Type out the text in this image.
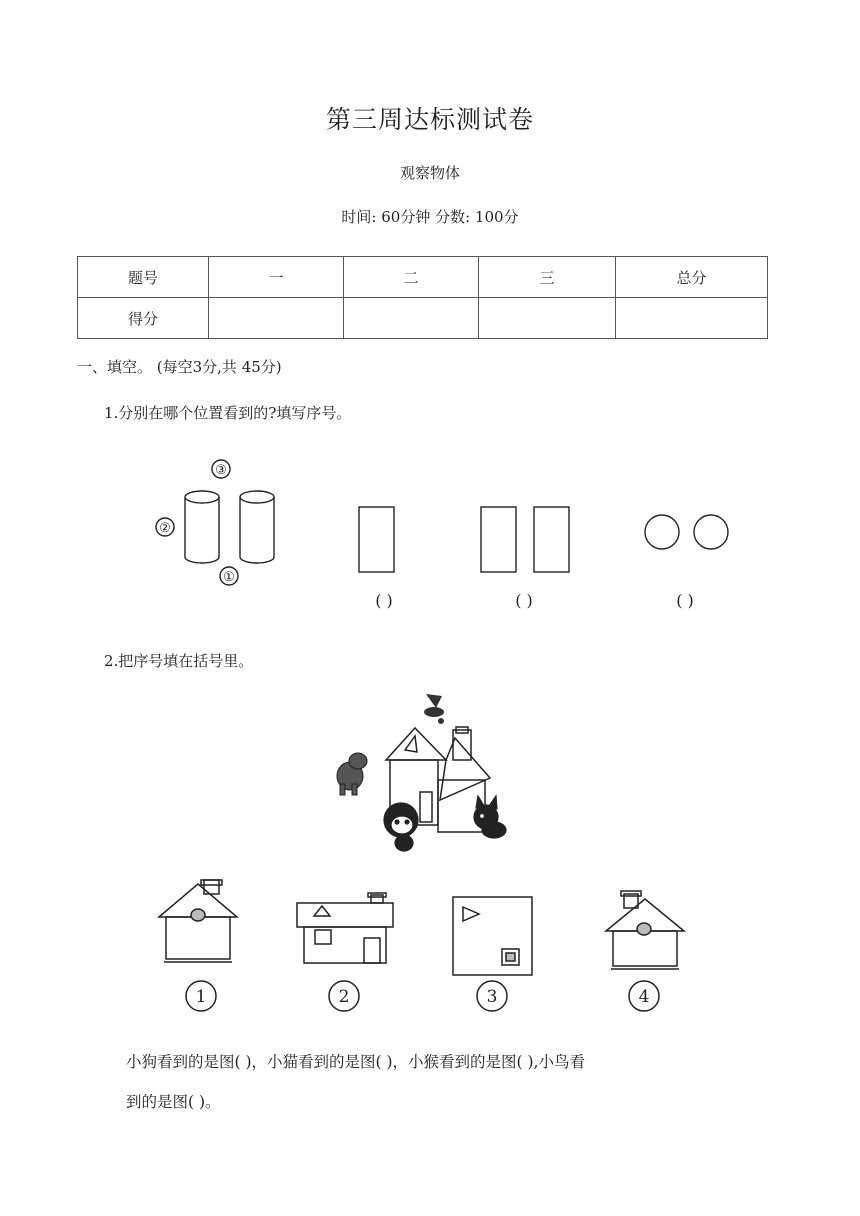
第三周达标测试卷
观察物体
时间: 60分钟 分数: 100分
题号	一	二	三	总分
得分				
一、填空。 (每空3分,共 45分)
1.分别在哪个位置看到的?填写序号。
③
②
①
( )	( )	( )
1	2	3	4
2.把序号填在括号里。
小狗看到的是图( )，小猫看到的是图( )，小猴看到的是图( ),小鸟看
到的是图( )。
